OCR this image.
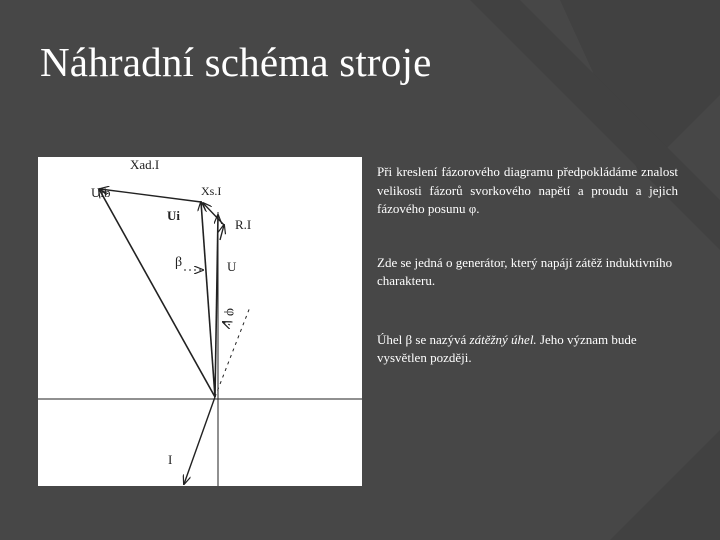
Náhradní schéma stroje
Xad.I
Uib	Xs.I
Ui
R.I
β	U
φ
I

Při kreslení fázorového diagramu předpokládáme znalost velikosti fázorů svorkového napětí a proudu a jejich fázového posunu φ.

Zde se jedná o generátor, který napájí zátěž induktivního charakteru.

Úhel β se nazývá zátěžný úhel. Jeho význam bude vysvětlen později.
